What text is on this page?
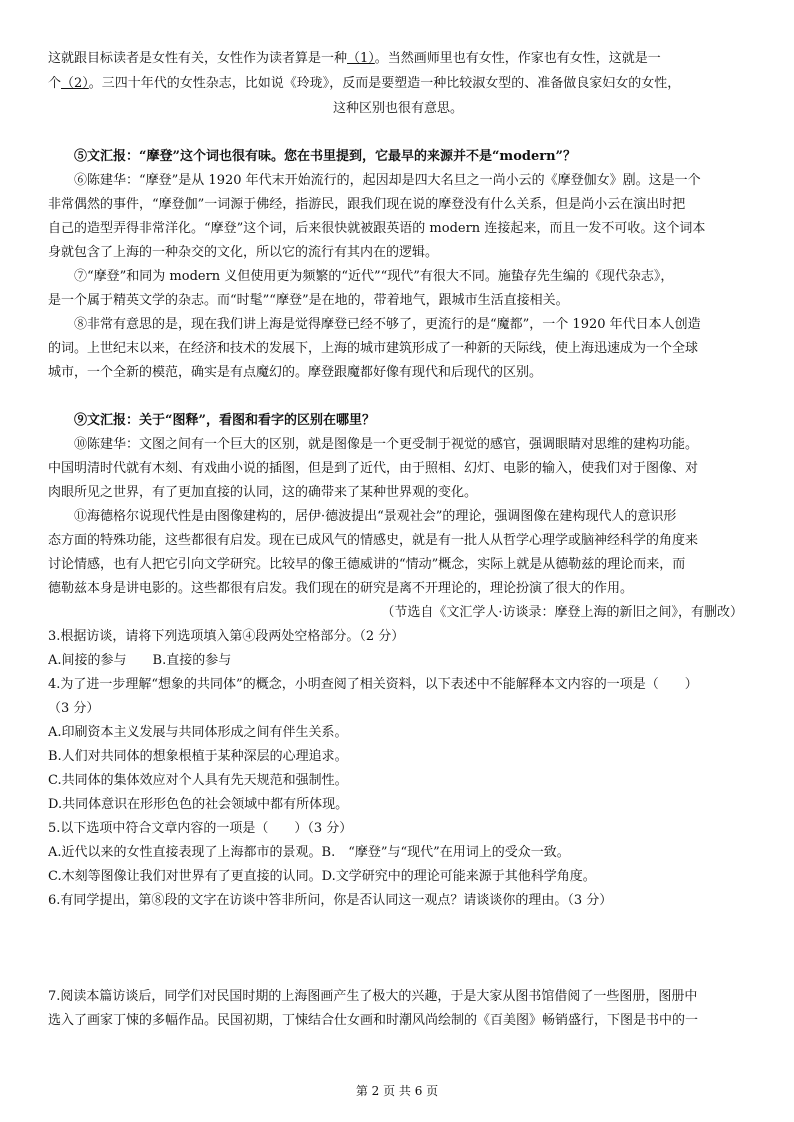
这就跟目标读者是女性有关，女性作为读者算是一种（1）。当然画师里也有女性，作家也有女性，这就是一
个（2）。三四十年代的女性杂志，比如说《玲珑》，反而是要塑造一种比较淑女型的、准备做良家妇女的女性，
这种区别也很有意思。
⑤文汇报：“摩登”这个词也很有味。您在书里提到，它最早的来源并不是“modern”？
⑥陈建华：“摩登”是从 1920 年代末开始流行的，起因却是四大名旦之一尚小云的《摩登伽女》剧。这是一个
非常偶然的事件，“摩登伽”一词源于佛经，指游民，跟我们现在说的摩登没有什么关系，但是尚小云在演出时把
自己的造型弄得非常洋化。“摩登”这个词，后来很快就被跟英语的 modern 连接起来，而且一发不可收。这个词本
身就包含了上海的一种杂交的文化，所以它的流行有其内在的逻辑。
⑦“摩登”和同为 modern 义但使用更为频繁的“近代”“现代”有很大不同。施蛰存先生编的《现代杂志》，
是一个属于精英文学的杂志。而“时髦”“摩登”是在地的，带着地气，跟城市生活直接相关。
⑧非常有意思的是，现在我们讲上海是觉得摩登已经不够了，更流行的是“魔都”，一个 1920 年代日本人创造
的词。上世纪末以来，在经济和技术的发展下，上海的城市建筑形成了一种新的天际线，使上海迅速成为一个全球
城市，一个全新的模范，确实是有点魔幻的。摩登跟魔都好像有现代和后现代的区别。
⑨文汇报：关于“图释”，看图和看字的区别在哪里？
⑩陈建华：文图之间有一个巨大的区别，就是图像是一个更受制于视觉的感官，强调眼睛对思维的建构功能。
中国明清时代就有木刻、有戏曲小说的插图，但是到了近代，由于照相、幻灯、电影的输入，使我们对于图像、对
肉眼所见之世界，有了更加直接的认同，这的确带来了某种世界观的变化。
⑪海德格尔说现代性是由图像建构的，居伊·德波提出“景观社会”的理论，强调图像在建构现代人的意识形
态方面的特殊功能，这些都很有启发。现在已成风气的情感史，就是有一批人从哲学心理学或脑神经科学的角度来
讨论情感，也有人把它引向文学研究。比较早的像王德威讲的“情动”概念，实际上就是从德勒兹的理论而来，而
德勒兹本身是讲电影的。这些都很有启发。我们现在的研究是离不开理论的，理论扮演了很大的作用。
（节选自《文汇学人·访谈录：摩登上海的新旧之间》，有删改）
3.根据访谈，请将下列选项填入第④段两处空格部分。（2 分）
A.间接的参与　　B.直接的参与
4.为了进一步理解“想象的共同体”的概念，小明查阅了相关资料，以下表述中不能解释本文内容的一项是（　　）
（3 分）
A.印刷资本主义发展与共同体形成之间有伴生关系。
B.人们对共同体的想象根植于某种深层的心理追求。
C.共同体的集体效应对个人具有先天规范和强制性。
D.共同体意识在形形色色的社会领域中都有所体现。
5.以下选项中符合文章内容的一项是（　　）（3 分）
A.近代以来的女性直接表现了上海都市的景观。B.　“摩登”与“现代”在用词上的受众一致。
C.木刻等图像让我们对世界有了更直接的认同。D.文学研究中的理论可能来源于其他科学角度。
6.有同学提出，第⑧段的文字在访谈中答非所问，你是否认同这一观点？请谈谈你的理由。（3 分）
7.阅读本篇访谈后，同学们对民国时期的上海图画产生了极大的兴趣，于是大家从图书馆借阅了一些图册，图册中
选入了画家丁悚的多幅作品。民国初期，丁悚结合仕女画和时潮风尚绘制的《百美图》畅销盛行，下图是书中的一
第 2 页 共 6 页
